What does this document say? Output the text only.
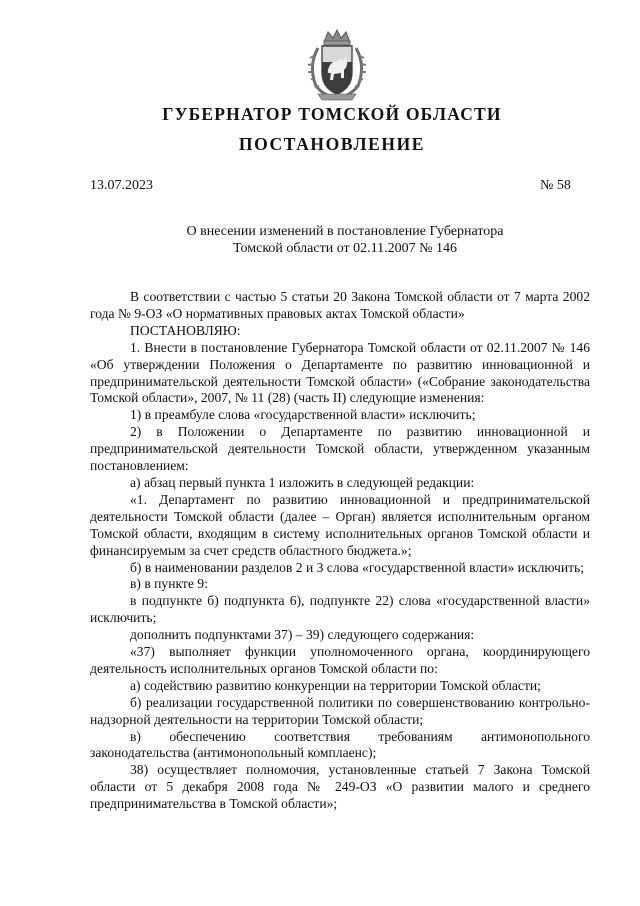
ГУБЕРНАТОР ТОМСКОЙ ОБЛАСТИ
ПОСТАНОВЛЕНИЕ
13.07.2023	№ 58
О внесении изменений в постановление Губернатора
Томской области от 02.11.2007 № 146

В соответствии с частью 5 статьи 20 Закона Томской области от 7 марта 2002 года № 9-ОЗ «О нормативных правовых актах Томской области»

ПОСТАНОВЛЯЮ:

1. Внести в постановление Губернатора Томской области от 02.11.2007 № 146 «Об утверждении Положения о Департаменте по развитию инновационной и предпринимательской деятельности Томской области» («Собрание законодательства Томской области», 2007, № 11 (28) (часть II) следующие изменения:

1) в преамбуле слова «государственной власти» исключить;

2) в Положении о Департаменте по развитию инновационной и предпринимательской деятельности Томской области, утвержденном указанным постановлением:

а) абзац первый пункта 1 изложить в следующей редакции:

«1. Департамент по развитию инновационной и предпринимательской деятельности Томской области (далее – Орган) является исполнительным органом Томской области, входящим в систему исполнительных органов Томской области и финансируемым за счет средств областного бюджета.»;

б) в наименовании разделов 2 и 3 слова «государственной власти» исключить;

в) в пункте 9:

в подпункте б) подпункта 6), подпункте 22) слова «государственной власти» исключить;

дополнить подпунктами 37) – 39) следующего содержания:

«37) выполняет функции уполномоченного органа, координирующего деятельность исполнительных органов Томской области по:

а) содействию развитию конкуренции на территории Томской области;

б) реализации государственной политики по совершенствованию контрольно-надзорной деятельности на территории Томской области;

в) обеспечению соответствия требованиям антимонопольного законодательства (антимонопольный комплаенс);

38) осуществляет полномочия, установленные статьей 7 Закона Томской области от 5 декабря 2008 года № 249-ОЗ «О развитии малого и среднего предпринимательства в Томской области»;
